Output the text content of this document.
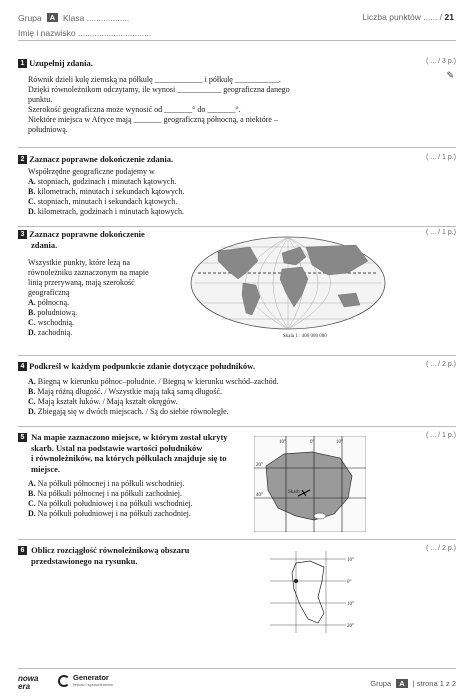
Grupa	A Klasa ..................
Imię i nazwisko ...............................
Liczba punktów ...... / 21
1 Uzupełnij zdania.	( ... / 3 p.)
✎
Równik dzieli kulę ziemską na półkulę ____________ i półkulę ___________.
Dzięki równoleżnikom odczytamy, ile wynosi ___________ geograficzna danego
punktu.
Szerokość geograficzna może wynosić od _______° do _______°.
Niektóre miejsca w Afryce mają _______ geograficzną północną, a niektóre –
południową.
2 Zaznacz poprawne dokończenie zdania.	( ... / 1 p.)
Współrzędne geograficzne podajemy w
A. stopniach, godzinach i minutach kątowych.
B. kilometrach, minutach i sekundach kątowych.
C. stopniach, minutach i sekundach kątowych.
D. kilometrach, godzinach i minutach kątowych.
3 Zaznacz poprawne dokończenie
zdania.
( ... / 1 p.)
Wszystkie punkty, które leżą na
równoleżniku zaznaczonym na mapie
linią przerywaną, mają szerokość
geograficzną
A. północną.
B. południową.
C. wschodnią.
D. zachodnią.	Skala 1 : 400 000 000
4 Podkreśl w każdym podpunkcie zdanie dotyczące południków.	( ... / 2 p.)
A. Biegną w kierunku północ–południe. / Biegną w kierunku wschód–zachód.
B. Mają różną długość. / Wszystkie mają taką samą długość.
C. Mają kształt łuków. / Mają kształt okręgów.
D. Zbiegają się w dwóch miejscach. / Są do siebie równoległe.
5 Na mapie zaznaczono miejsce, w którym został ukryty
skarb. Ustal na podstawie wartości południków
i równoleżników, na których półkulach znajduje się to
miejsce.
( ... / 1 p.)
A. Na półkuli północnej i na półkuli wschodniej.
B. Na półkuli północnej i na półkuli zachodniej.
C. Na półkuli południowej i na półkuli wschodniej.
D. Na półkuli południowej i na półkuli zachodniej.
10°	0°	10°
20°
40°
Skarb
6 Oblicz rozciągłość równoleżnikową obszaru
przedstawionego na rysunku.
( ... / 2 p.)
10°
0°
10°
20°
nowa
era
Generator
testów i sprawdzianów	Grupa A | strona 1 z 2
